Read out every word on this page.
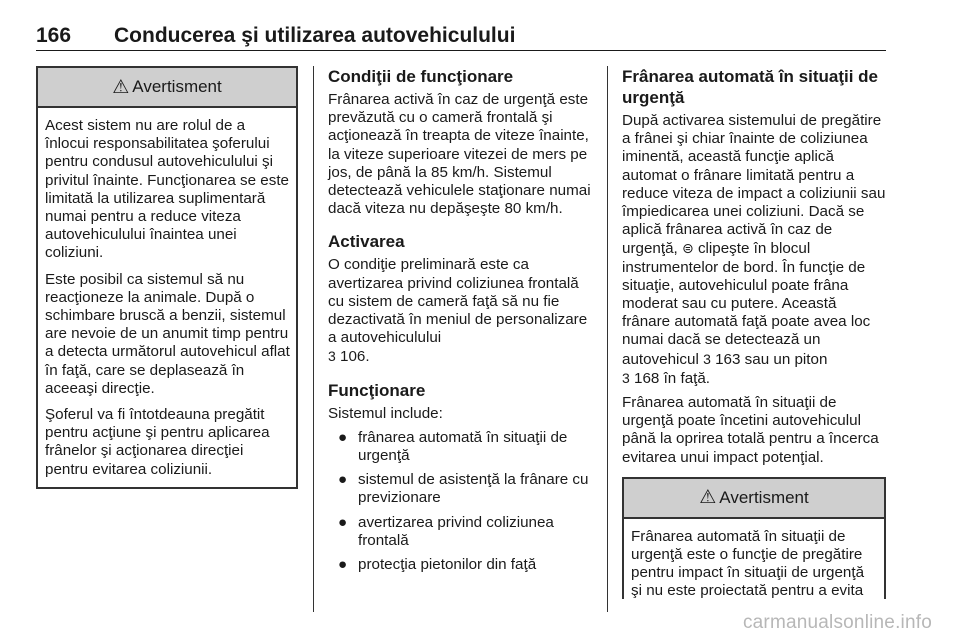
166 Conducerea şi utilizarea autovehiculului
⚠ Avertisment

Acest sistem nu are rolul de a înlocui responsabilitatea şoferului pentru condusul autovehiculului şi privitul înainte. Funcţionarea se este limitată la utilizarea suplimentară numai pentru a reduce viteza autovehiculului înaintea unei coliziuni.

Este posibil ca sistemul să nu reacţioneze la animale. După o schimbare bruscă a benzii, sistemul are nevoie de un anumit timp pentru a detecta următorul autovehicul aflat în faţă, care se deplasează în aceeaşi direcţie.

Şoferul va fi întotdeauna pregătit pentru acţiune şi pentru aplicarea frânelor şi acţionarea direcţiei pentru evitarea coliziunii.

Condiţii de funcţionare

Frânarea activă în caz de urgenţă este prevăzută cu o cameră frontală şi acţionează în treapta de viteze înainte, la viteze superioare vitezei de mers pe jos, de până la 85 km/h. Sistemul detectează vehiculele staţionare numai dacă viteza nu depăşeşte 80 km/h.

Activarea

O condiţie preliminară este ca avertizarea privind coliziunea frontală cu sistem de cameră faţă să nu fie dezactivată în meniul de personalizare a autovehiculului
3 106.

Funcţionare

Sistemul include:

● frânarea automată în situaţii de urgenţă
● sistemul de asistenţă la frânare cu previzionare
● avertizarea privind coliziunea frontală
● protecţia pietonilor din faţă
Frânarea automată în situaţii de urgenţă

După activarea sistemului de pregătire a frânei şi chiar înainte de coliziunea iminentă, această funcţie aplică automat o frânare limitată pentru a reduce viteza de impact a coliziunii sau împiedicarea unei coliziuni. Dacă se aplică frânarea activă în caz de urgenţă, ⊜ clipeşte în blocul instrumentelor de bord. În funcţie de situaţie, autovehiculul poate frâna moderat sau cu putere. Această frânare automată faţă poate avea loc numai dacă se detectează un autovehicul 3 163 sau un piton
3 168 în faţă.

Frânarea automată în situaţii de urgenţă poate încetini autovehiculul până la oprirea totală pentru a încerca evitarea unui impact potenţial.

⚠ Avertisment

Frânarea automată în situaţii de urgenţă este o funcţie de pregătire pentru impact în situaţii de urgenţă şi nu este proiectată pentru a evita

carmanualsonline.info
